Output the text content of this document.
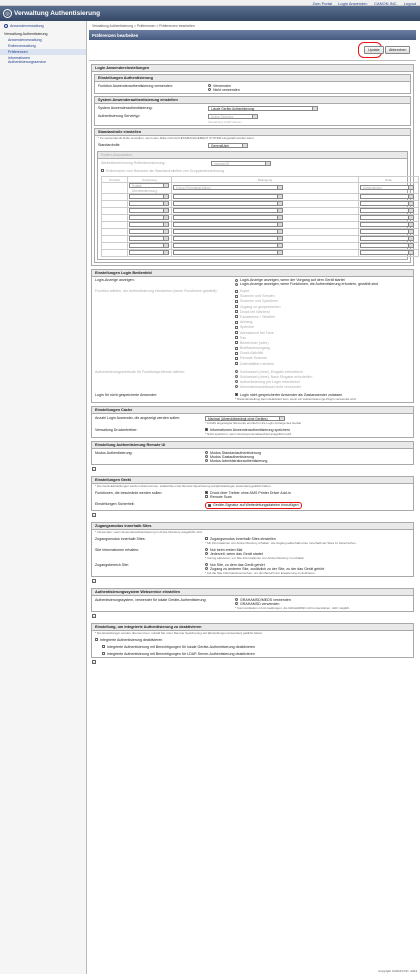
Zum Portal Login Anwender: CANON INC. Logout
◎ Verwaltung Authentisierung
Anwenderverwaltung
Verwaltung Authentisierung
Anwenderverwaltung
Rollenverwaltung
Präferenzen
Informationen Authentisierungsservice
Verwaltung Authentisierung > Präferenzen > Präferenzen bearbeiten
Präferenzen bearbeiten
Update	Abbrechen
Login Anwendereinstellungen
Einstellungen Authentisierung
Funktion Anwenderauthentisierung verwenden:	Verwenden
Nicht verwenden
System Anwenderauthentisierung einstellen
System Anwenderauthentisierung:	Lokale Geräte-Authentisierung
Authentisierung Servertyp:	Active Directory
Verwaltung LDAP-Server...
Standardrolle einstellen
* Zu verwendende Rolle einstellen, wenn eine Rolle nicht ACCESSMANAGEMENT SYSTEM eingestellt worden kann.
Standardrolle:	GeneralUser
Rollen-Assoziation
Attributbezeichnung Rollenbezeichnung:	memberOf
Rollenname vom Benutzer als Standardrollelbel von Gruppenbezeichnung
Priorität	Zuordnung	Bedingung	Rolle
	Exakte Übereinstimmung	Canon Peripheral Admin	Administrator

Einstellungen Login Bedienfeld
Login-Anzeige anzeigen:	Login-Anzeige anzeigen, wenn der Vorgang auf dem Gerät startet
Login-Anzeige anzeigen, wenn Funktionen, die Authentisierung erfordern, gewählt sind
Funktion wählen, die Authentisierung erforderten (wenn Funktionen gewählt):	Kopie
Scannen und Senden
Scannen und Speichern
Zugang zu gespeicherten
Druck bei Wartend
Faxadresse / Tabellen
Anhang
Speicher
Adressbuch bei Faxe
Fax
Bezeichner (oder)
Briefkastenzugang
Druck Aktivität
Remote-Scanner
Datenblättern sichern
Authentisierungsmethode für Funktionsprüfende wählen:	Schluessel (ohne), Eingabe erforderlich
Schluessel (ohne), Nach Eingabe erforderlich
Authentisierung per Login erforderlich
Informationsschlüssel nicht verwendet
Login für nicht gespeicherte Anwender:	Login nicht gespeicherter Anwender als Gastanwender zulassen
* Diese Einstellung kann deaktiviert sein, wenn ein Authentisierungs-PlugIn verwendet wird.
Einstellungen Cache
Anzahl Login Anwender, die angezeigt werden sollen:	Maximal (Abrenddbedrängt ohne Gerätes)
* Anzahl angezeigter Elemente ermittelt in die Login-Anzeige des Geräts
Verwaltung Druckertreiber:	Informationen Anwenderauthentisierung speichern
* Nicht speichern, wenn Servicepersonalwechsel ausgeführt wird.
Einstellung Authentisierung Remote UI
Modus Authentisierung:	Modus Standardauthentisierung
Modus Gastauthentisierung
Modus Administratorauthentisierung
−
Einstellungen Gerät
* Die Gerät-Einstellungen werden übernommen, sobald Sie unter Remote Speicherung auf [Einstellungen anwenden] geklickt haben.
Funktionen, die beschränkt werden sollen:	Druck über Treiber ohne AMS Printer Driver Add-in
Remote Scan
Einstellungen Sicherheit:	Geräte-Signatur auf Weiterleitungsdateien hinzufügen
−
Zugangsmodus innerhalb Sites
* Verwenden, wenn Anwenderauthentisierung in Active Directory ausgeführt wird.
Zugangsmodus innerhalb Sites:	Zugangsmodus innerhalb Sites einstellen
* Mit Informationen von Active Directory erhalten, wie Zugang außerhalb einer innerhalb der Sites zu beherrschen.
Site Informationen erhalten:	Nur beim ersten Mal
Jederzeit, wenn das Gerät startet
* Vorzug aktivieren, um Site-Informationen von Active Directory zu erhalten.
Zugangsbereich Site:	Nur Site, zu dem das Gerät gehört
Zugang zu anderen Site, zusätzlich zu der Site, zu der das Gerät gehört
* Auf die Site-Informationssurechen, um den Bereich der Erweiterung zu definieren.
−
Authentisierungssystem Webservice einstellen
Authentisierungssystem, verwendet für lokale Geräte-Authentisierung:	GRAHAMSD/MEDS verwenden
GRAHAMSD verwenden
* Kommunikation mit Anmeldungen, die GRAHAMSD nicht unterstützen, nicht möglich.
−
Einstellung, um integrierte Authentisierung zu deaktivieren
* Die Einstellungen werden übernommen, sobald Sie unter Remote Speicherung auf [Einstellungen anwenden] geklickt haben.
Integrierte Authentisierung deaktivieren
Integrierte Authentisierung mit Berechtigungen für lokale Geräte-Authentisierung deaktivieren
Integrierte Authentisierung mit Berechtigungen für LDAP-Server-Authentisierung deaktivieren
−
Copyright CANON INC. 2013
